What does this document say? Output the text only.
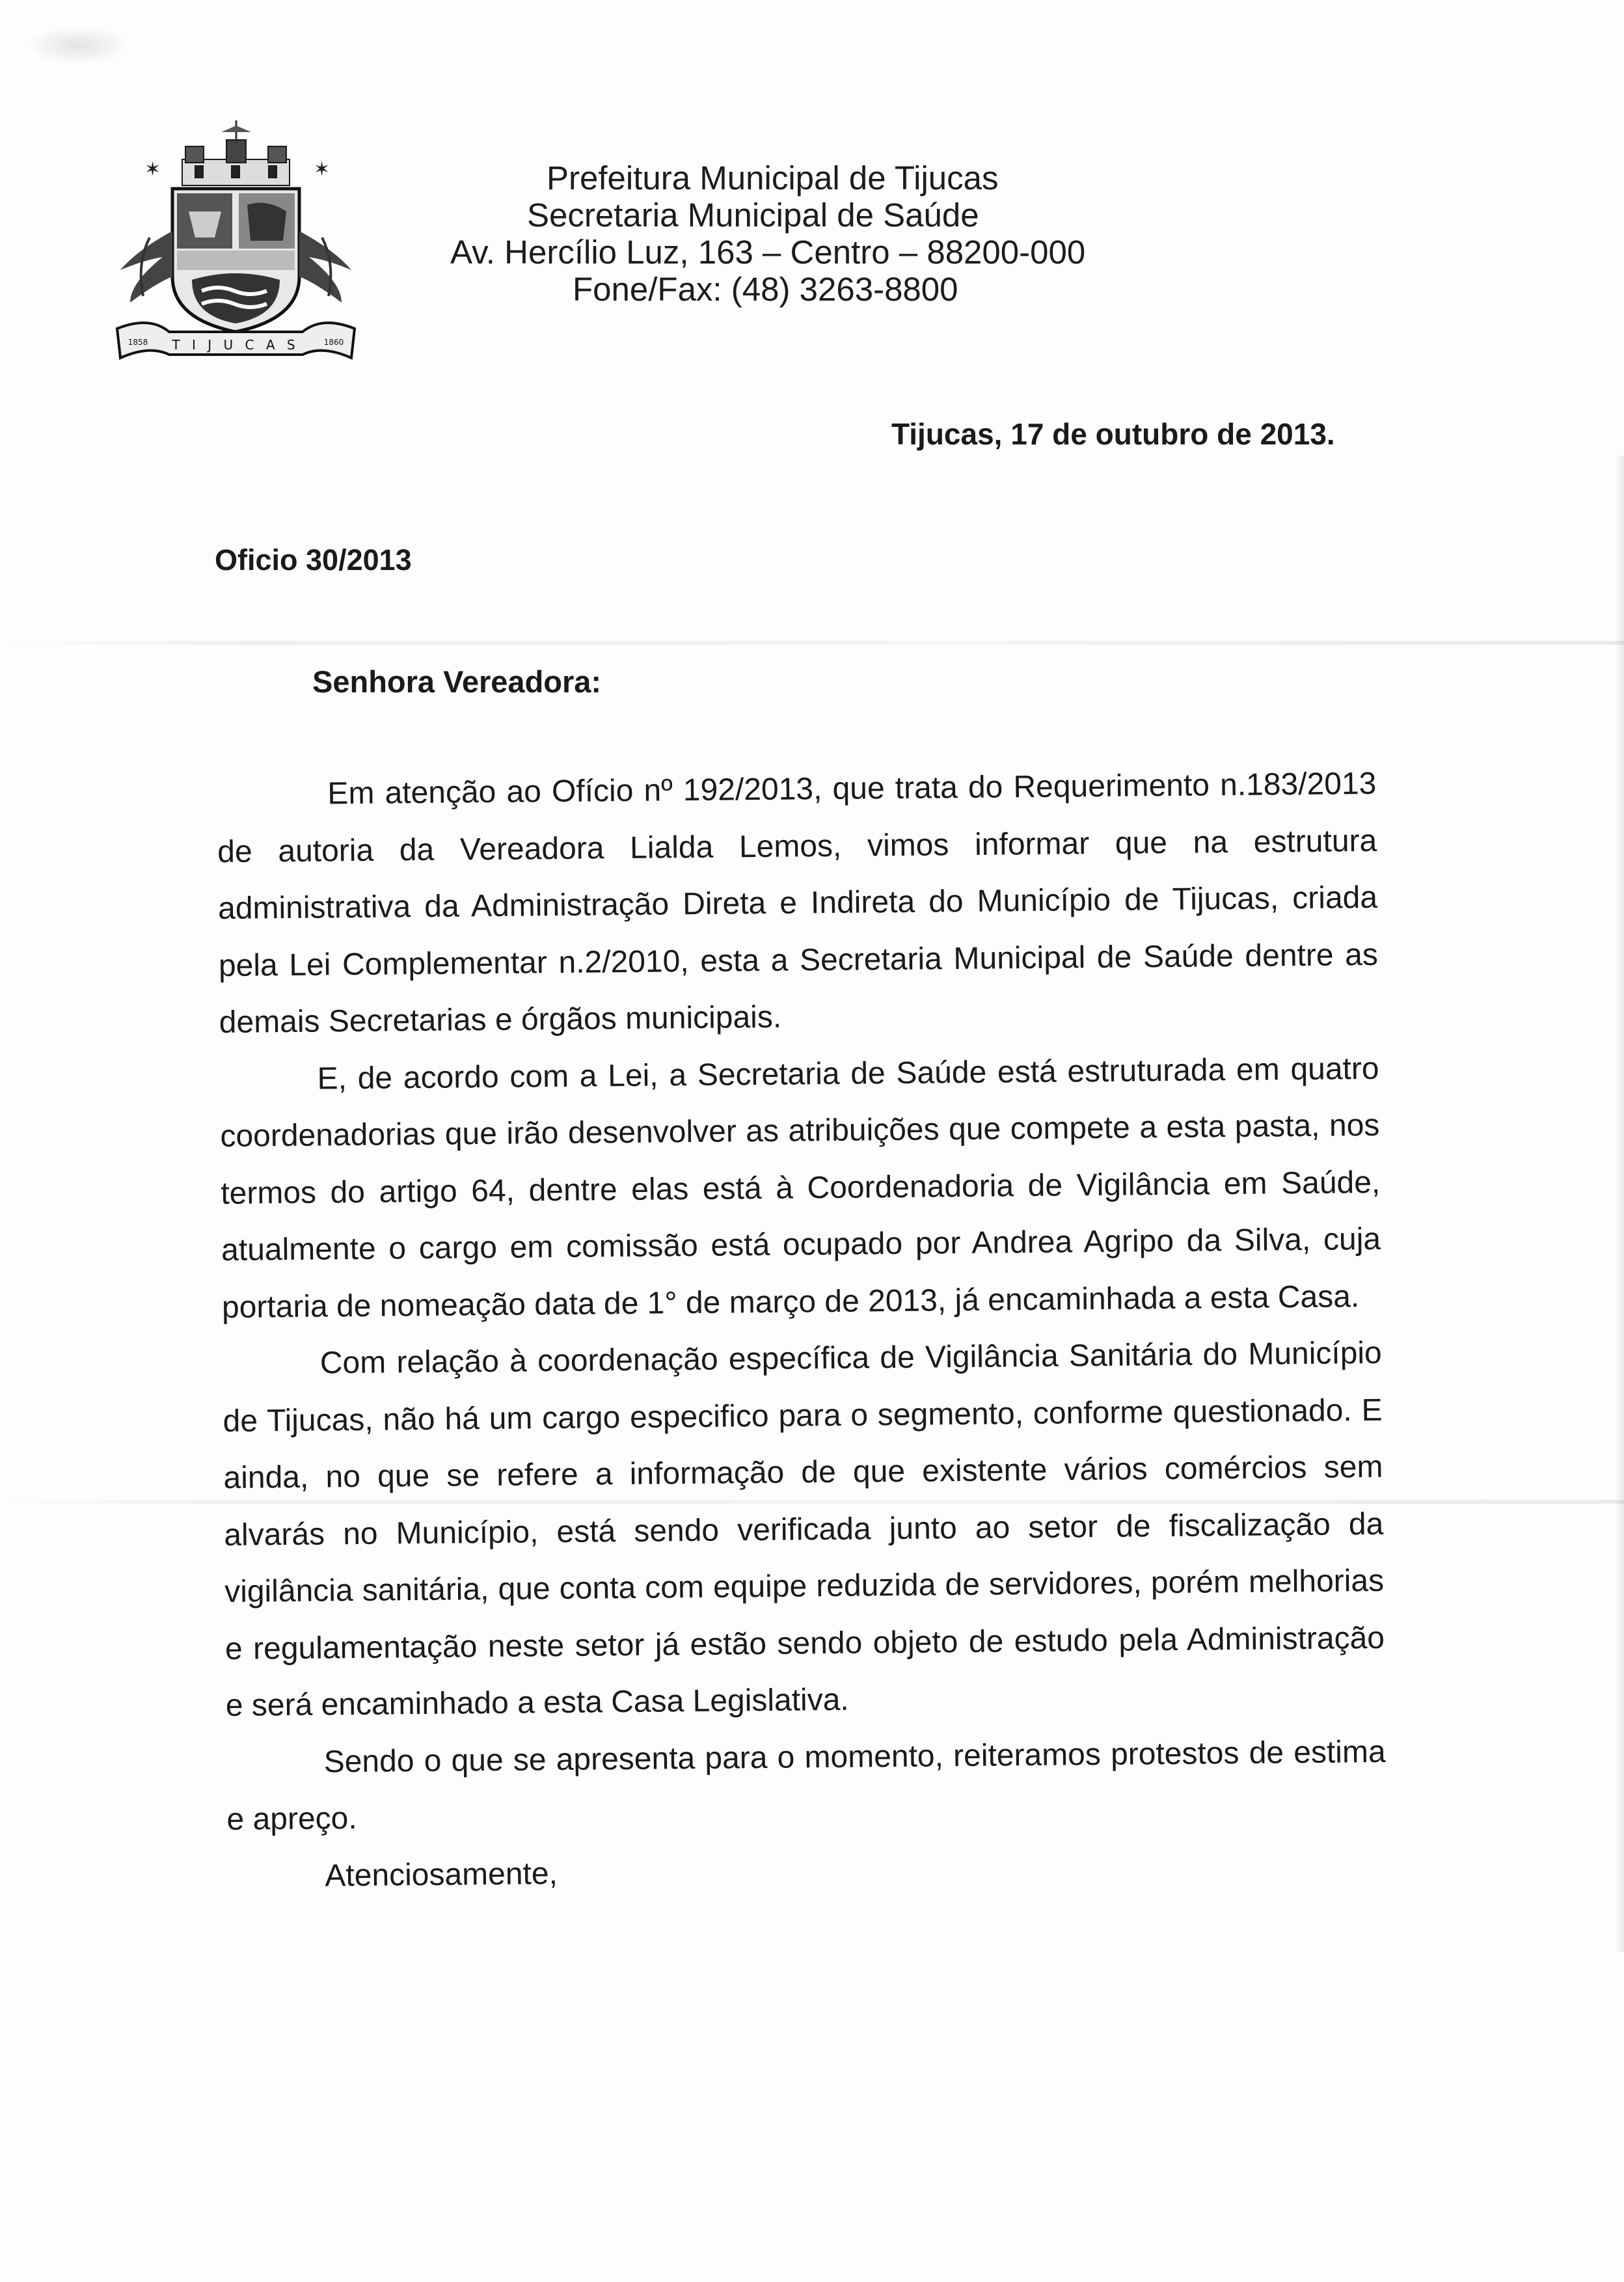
✶	✶
T I J U C A S
1858	1860
Prefeitura Municipal de Tijucas
Secretaria Municipal de Saúde
Av. Hercílio Luz, 163 – Centro – 88200-000
Fone/Fax: (48) 3263-8800
Tijucas, 17 de outubro de 2013.
Oficio 30/2013
Senhora Vereadora:

Em atenção ao Ofício nº 192/2013, que trata do Requerimento n.183/2013 de autoria da Vereadora Lialda Lemos, vimos informar que na estrutura administrativa da Administração Direta e Indireta do Município de Tijucas, criada pela Lei Complementar n.2/2010, esta a Secretaria Municipal de Saúde dentre as demais Secretarias e órgãos municipais.

E, de acordo com a Lei, a Secretaria de Saúde está estruturada em quatro coordenadorias que irão desenvolver as atribuições que compete a esta pasta, nos termos do artigo 64, dentre elas está à Coordenadoria de Vigilância em Saúde, atualmente o cargo em comissão está ocupado por Andrea Agripo da Silva, cuja portaria de nomeação data de 1° de março de 2013, já encaminhada a esta Casa.

Com relação à coordenação específica de Vigilância Sanitária do Município de Tijucas, não há um cargo especifico para o segmento, conforme questionado. E ainda, no que se refere a informação de que existente vários comércios sem alvarás no Município, está sendo verificada junto ao setor de fiscalização da vigilância sanitária, que conta com equipe reduzida de servidores, porém melhorias e regulamentação neste setor já estão sendo objeto de estudo pela Administração e será encaminhado a esta Casa Legislativa.

Sendo o que se apresenta para o momento, reiteramos protestos de estima e apreço.

Atenciosamente,
